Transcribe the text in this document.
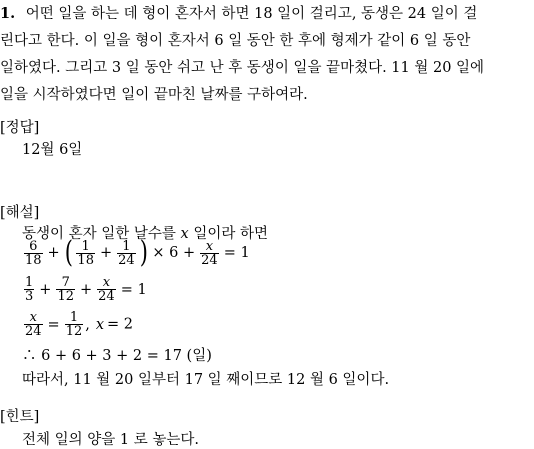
1. 어떤 일을 하는 데 형이 혼자서 하면 18 일이 걸리고, 동생은 24 일이 걸
린다고 한다. 이 일을 형이 혼자서 6 일 동안 한 후에 형제가 같이 6 일 동안
일하였다. 그리고 3 일 동안 쉬고 난 후 동생이 일을 끝마쳤다. 11 월 20 일에
일을 시작하였다면 일이 끝마친 날짜를 구하여라.
[정답]
12월 6일
[해설]
동생이 혼자 일한 날수를 x 일이라 하면
$\frac{6}{18}$ + ( $\frac{1}{18} + \frac{1}{24}$ ) × $6 + \frac{x}{24} = 1$
$\frac{1}{3} + \frac{7}{12} + \frac{x}{24} = 1$
$\frac{x}{24} = \frac{1}{12}$ , x = 2
∴ 6 + 6 + 3 + 2 = 17 (일)
따라서, 11 월 20 일부터 17 일 째이므로 12 월 6 일이다.
[힌트]
전체 일의 양을 1 로 놓는다.
